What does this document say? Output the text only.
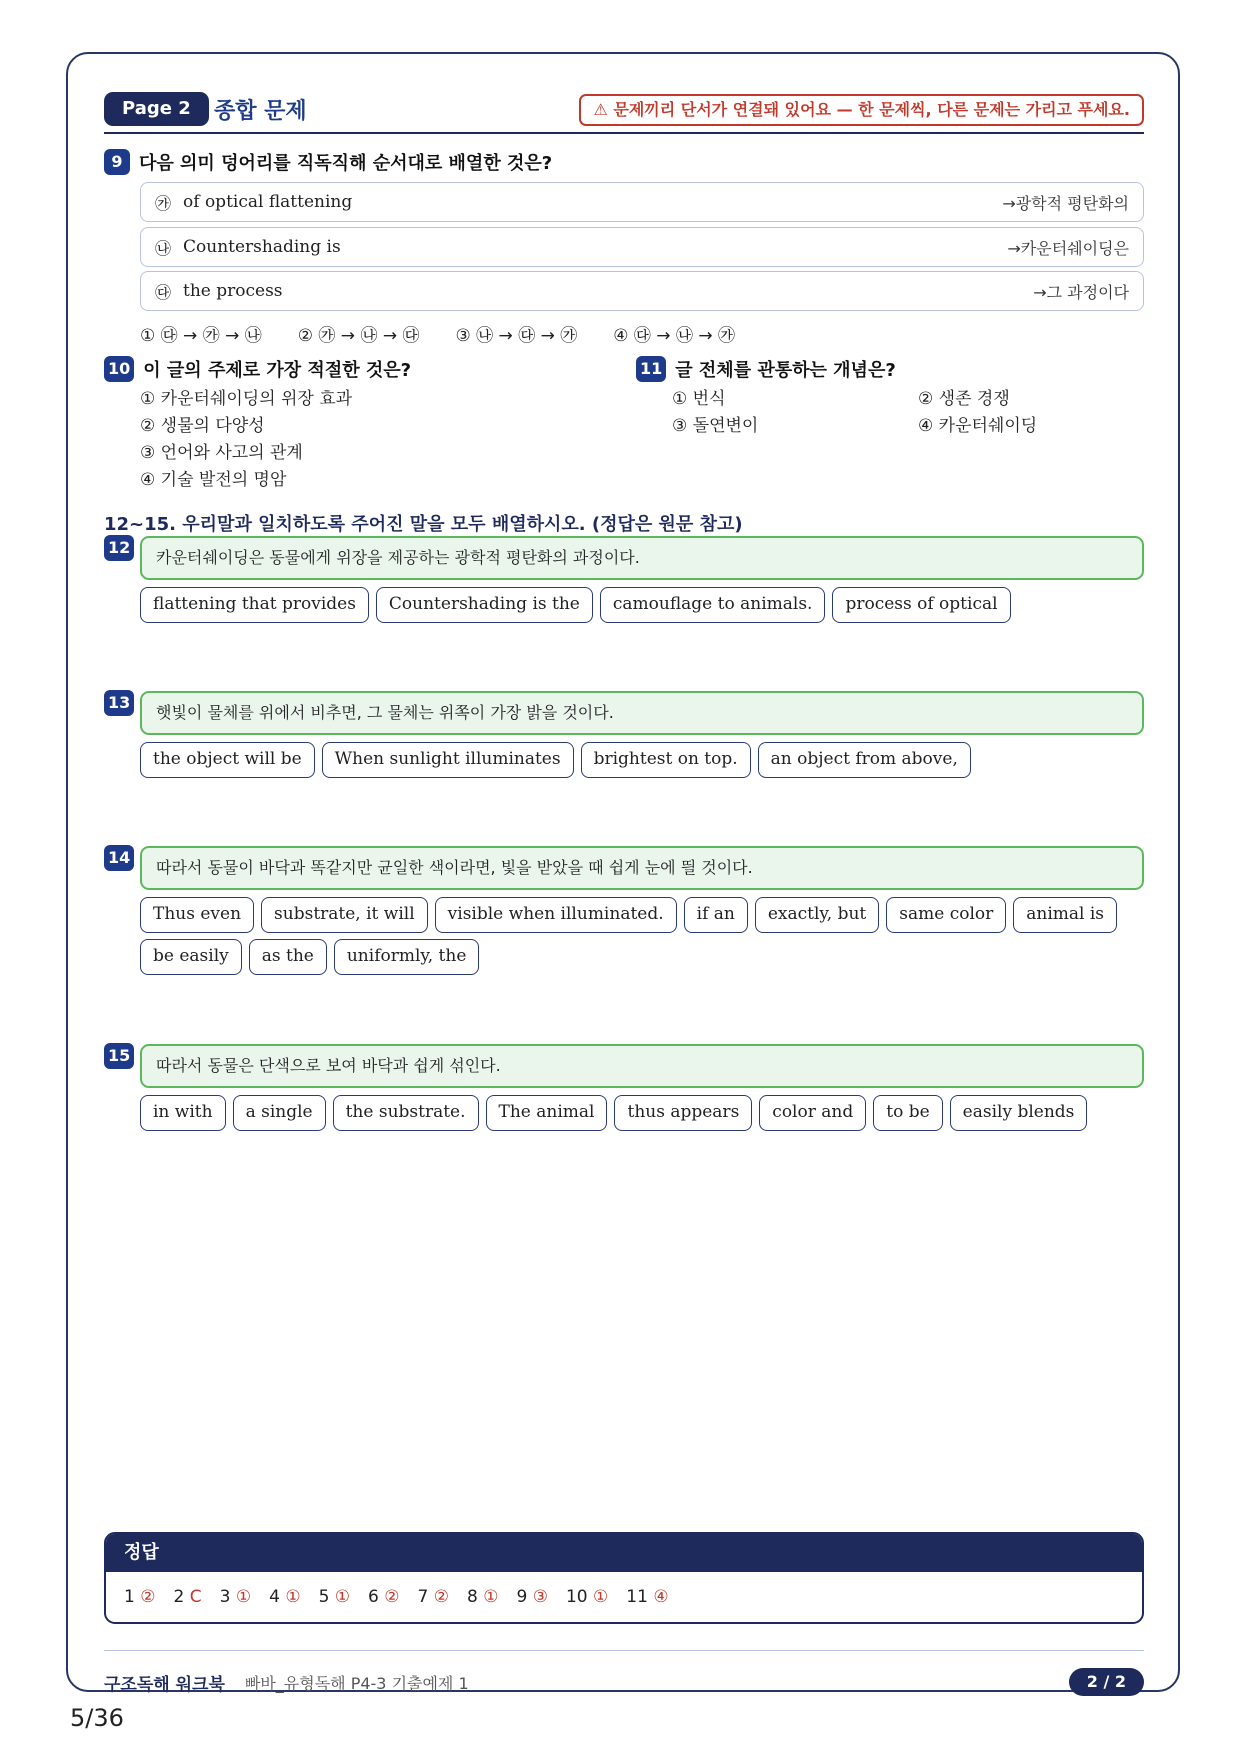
Page 2	종합 문제	⚠ 문제끼리 단서가 연결돼 있어요 — 한 문제씩, 다른 문제는 가리고 푸세요.
9 다음 의미 덩어리를 직독직해 순서대로 배열한 것은?
㉮ of optical flattening	→광학적 평탄화의
㉯ Countershading is	→카운터쉐이딩은
㉰ the process	→그 과정이다
① ㉰ → ㉮ → ㉯ ② ㉮ → ㉯ → ㉰ ③ ㉯ → ㉰ → ㉮ ④ ㉰ → ㉯ → ㉮
10 이 글의 주제로 가장 적절한 것은?
① 카운터쉐이딩의 위장 효과
② 생물의 다양성
③ 언어와 사고의 관계
④ 기술 발전의 명암
11 글 전체를 관통하는 개념은?
① 번식
③ 돌연변이
② 생존 경쟁
④ 카운터쉐이딩
12~15. 우리말과 일치하도록 주어진 말을 모두 배열하시오. (정답은 원문 참고)
12
카운터쉐이딩은 동물에게 위장을 제공하는 광학적 평탄화의 과정이다.
flattening that provides	Countershading is the	camouflage to animals.	process of optical
13
햇빛이 물체를 위에서 비추면, 그 물체는 위쪽이 가장 밝을 것이다.
the object will be	When sunlight illuminates	brightest on top.	an object from above,
14
따라서 동물이 바닥과 똑같지만 균일한 색이라면, 빛을 받았을 때 쉽게 눈에 띌 것이다.
Thus even	substrate, it will	visible when illuminated.	if an	exactly, but	same color	animal is
be easily	as the	uniformly, the
15
따라서 동물은 단색으로 보여 바닥과 쉽게 섞인다.
in with	a single	the substrate.	The animal	thus appears	color and	to be	easily blends
정답
1 ② 2 C 3 ① 4 ① 5 ① 6 ② 7 ② 8 ① 9 ③ 10 ① 11 ④
구조독해 워크북 빠바_유형독해 P4-3 기출예제 1	2 / 2
5/36
